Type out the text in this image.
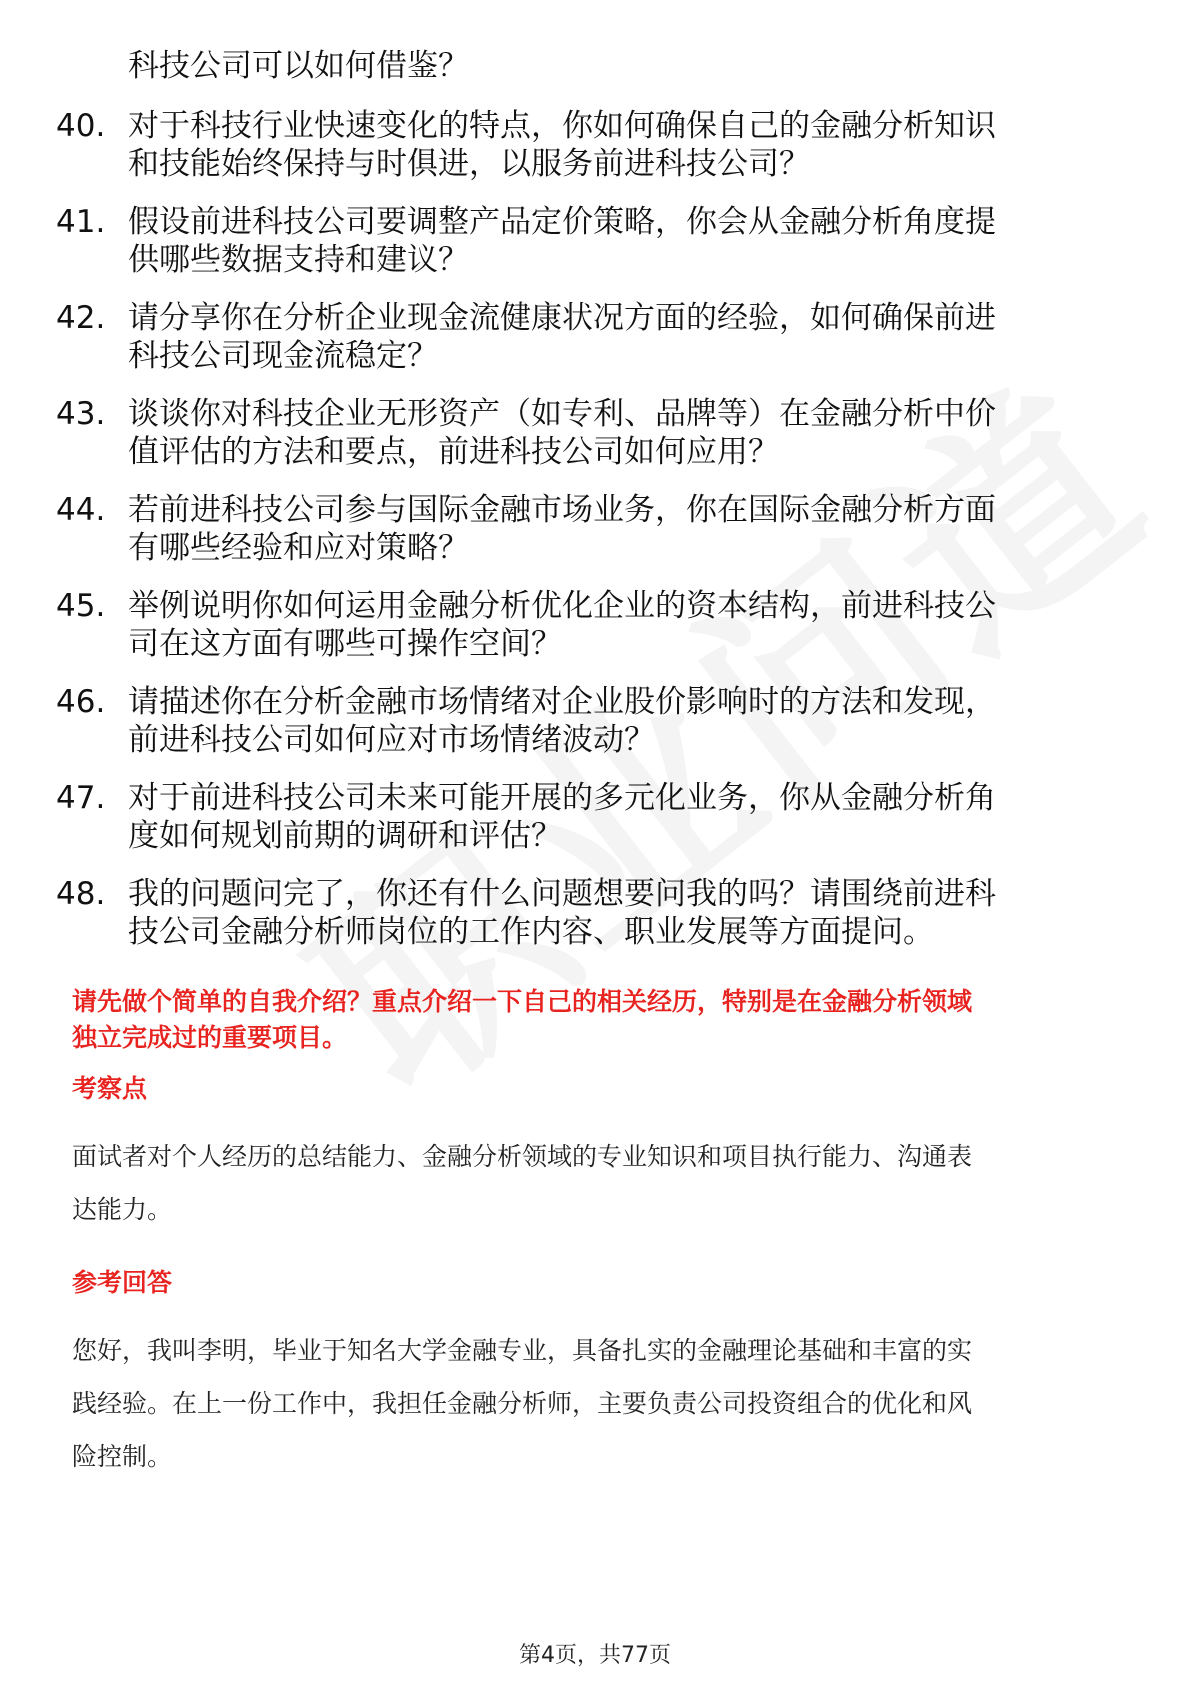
科技公司可以如何借鉴？
40. 对于科技行业快速变化的特点，你如何确保自己的金融分析知识
和技能始终保持与时俱进，以服务前进科技公司？
41. 假设前进科技公司要调整产品定价策略，你会从金融分析角度提
供哪些数据支持和建议？
42. 请分享你在分析企业现金流健康状况方面的经验，如何确保前进
科技公司现金流稳定？
43. 谈谈你对科技企业无形资产（如专利、品牌等）在金融分析中价
值评估的方法和要点，前进科技公司如何应用？
44. 若前进科技公司参与国际金融市场业务，你在国际金融分析方面
有哪些经验和应对策略？
45. 举例说明你如何运用金融分析优化企业的资本结构，前进科技公
司在这方面有哪些可操作空间？
46. 请描述你在分析金融市场情绪对企业股价影响时的方法和发现，
前进科技公司如何应对市场情绪波动？
47. 对于前进科技公司未来可能开展的多元化业务，你从金融分析角
度如何规划前期的调研和评估？
48. 我的问题问完了，你还有什么问题想要问我的吗？请围绕前进科
技公司金融分析师岗位的工作内容、职业发展等方面提问。
请先做个简单的自我介绍？重点介绍一下自己的相关经历，特别是在金融分析领域
独立完成过的重要项目。
考察点
面试者对个人经历的总结能力、金融分析领域的专业知识和项目执行能力、沟通表
达能力。
参考回答
您好，我叫李明，毕业于知名大学金融专业，具备扎实的金融理论基础和丰富的实
践经验。在上一份工作中，我担任金融分析师，主要负责公司投资组合的优化和风
险控制。
第4页，共77页
